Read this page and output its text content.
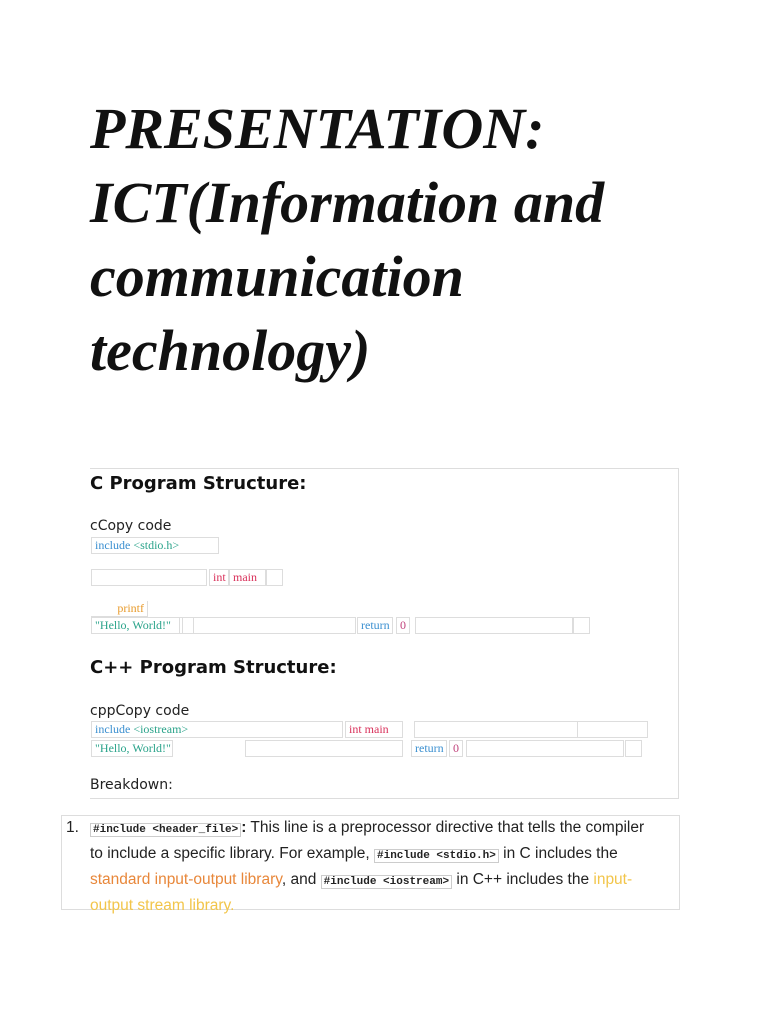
PRESENTATION:
ICT(Information and
communication
technology)
C Program Structure:
cCopy code
include <stdio.h>
int main
printf
"Hello, World!"	return 0
C++ Program Structure:
cppCopy code
include <iostream>	int main
"Hello, World!"	return 0
Breakdown:
1. #include <header_file> : This line is a preprocessor directive that tells the compiler to include a specific library. For example, #include <stdio.h> in C includes the standard input-output library, and #include <iostream> in C++ includes the input-output stream library.
